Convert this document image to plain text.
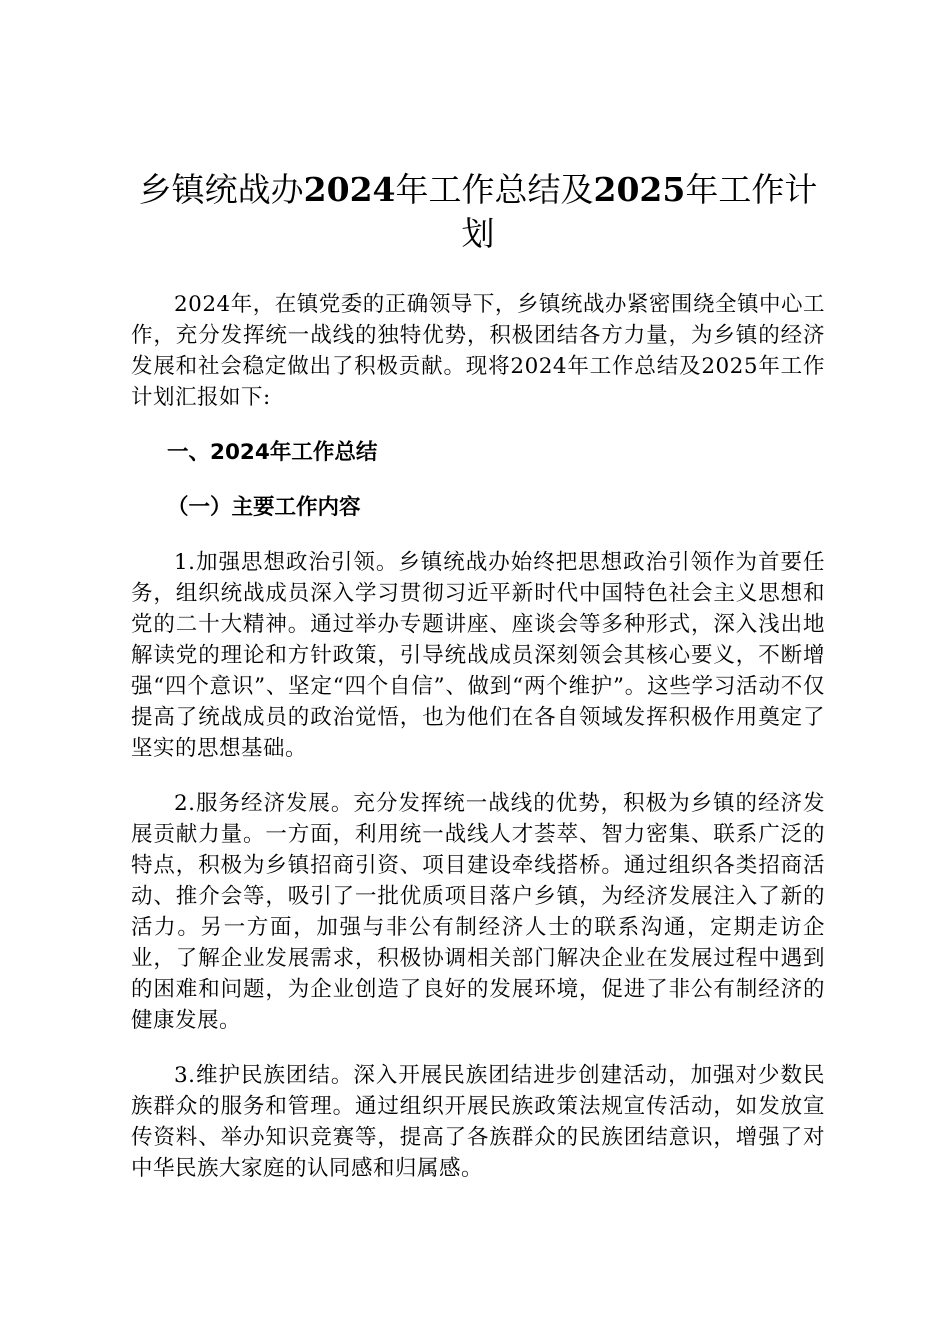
乡镇统战办2024年工作总结及2025年工作计划

2024年，在镇党委的正确领导下，乡镇统战办紧密围绕全镇中心工作，充分发挥统一战线的独特优势，积极团结各方力量，为乡镇的经济发展和社会稳定做出了积极贡献。现将2024年工作总结及2025年工作计划汇报如下:

一、2024年工作总结
（一）主要工作内容

1.加强思想政治引领。乡镇统战办始终把思想政治引领作为首要任务，组织统战成员深入学习贯彻习近平新时代中国特色社会主义思想和党的二十大精神。通过举办专题讲座、座谈会等多种形式，深入浅出地解读党的理论和方针政策，引导统战成员深刻领会其核心要义，不断增强“四个意识”、坚定“四个自信”、做到“两个维护”。这些学习活动不仅提高了统战成员的政治觉悟，也为他们在各自领域发挥积极作用奠定了坚实的思想基础。

2.服务经济发展。充分发挥统一战线的优势，积极为乡镇的经济发展贡献力量。一方面，利用统一战线人才荟萃、智力密集、联系广泛的特点，积极为乡镇招商引资、项目建设牵线搭桥。通过组织各类招商活动、推介会等，吸引了一批优质项目落户乡镇，为经济发展注入了新的活力。另一方面，加强与非公有制经济人士的联系沟通，定期走访企业，了解企业发展需求，积极协调相关部门解决企业在发展过程中遇到的困难和问题，为企业创造了良好的发展环境，促进了非公有制经济的健康发展。

3.维护民族团结。深入开展民族团结进步创建活动，加强对少数民族群众的服务和管理。通过组织开展民族政策法规宣传活动，如发放宣传资料、举办知识竞赛等，提高了各族群众的民族团结意识，增强了对中华民族大家庭的认同感和归属感。
